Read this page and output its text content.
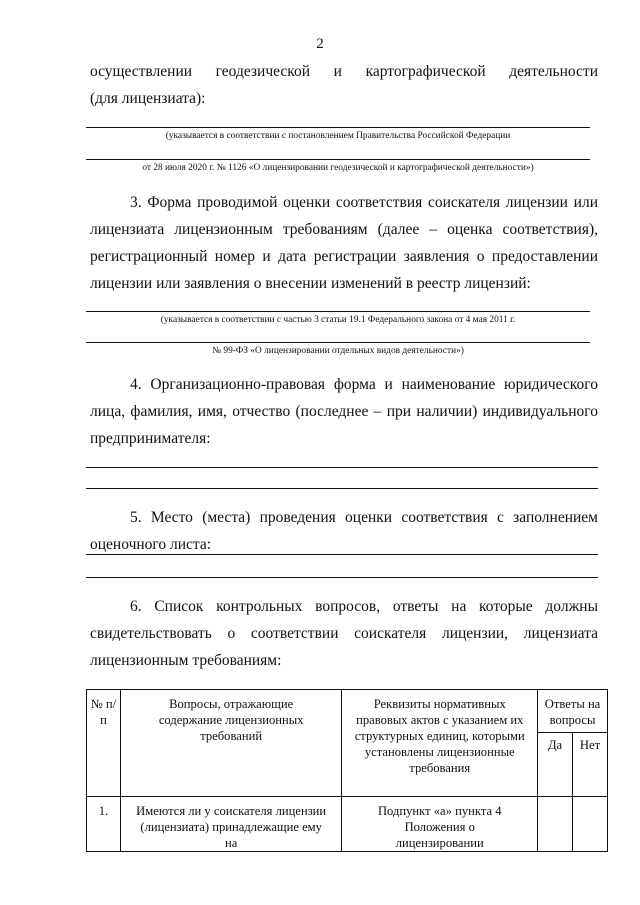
2
осуществлении геодезической и картографической деятельности
(для лицензиата):
(указывается в соответствии с постановлением Правительства Российской Федерации
от 28 июля 2020 г. № 1126 «О лицензировании геодезической и картографической деятельности»)
3. Форма проводимой оценки соответствия соискателя лицензии или
лицензиата лицензионным требованиям (далее – оценка соответствия),
регистрационный номер и дата регистрации заявления о предоставлении
лицензии или заявления о внесении изменений в реестр лицензий:
(указывается в соответствии с частью 3 статьи 19.1 Федерального закона от 4 мая 2011 г.
№ 99-ФЗ «О лицензировании отдельных видов деятельности»)
4. Организационно-правовая форма и наименование юридического
лица, фамилия, имя, отчество (последнее – при наличии) индивидуального
предпринимателя:
5. Место (места) проведения оценки соответствия с заполнением
оценочного листа:
6. Список контрольных вопросов, ответы на которые должны
свидетельствовать о соответствии соискателя лицензии, лицензиата
лицензионным требованиям:
№ п/п	Вопросы, отражающие содержание лицензионных требований	Реквизиты нормативных правовых актов с указанием их структурных единиц, которыми установлены лицензионные требования	Ответы на вопросы	
			Да	Нет
1.	Имеются ли у соискателя лицензии (лицензиата) принадлежащие ему на	Подпункт «а» пункта 4 Положения о лицензировании		
